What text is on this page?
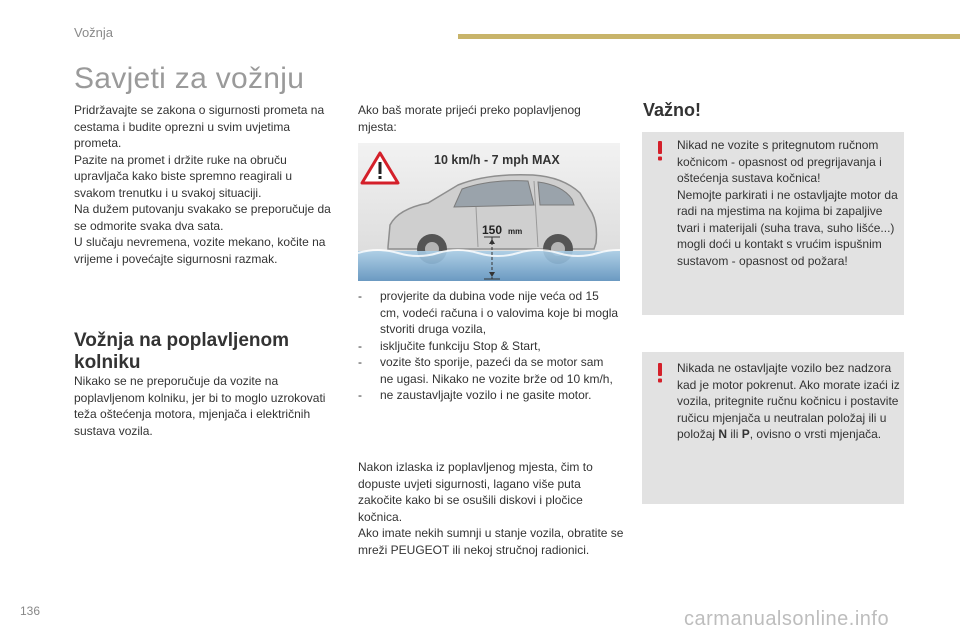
Vožnja
Savjeti za vožnju

Pridržavajte se zakona o sigurnosti prometa na cestama i budite oprezni u svim uvjetima prometa.

Pazite na promet i držite ruke na obruču upravljača kako biste spremno reagirali u svakom trenutku i u svakoj situaciji.

Na dužem putovanju svakako se preporučuje da se odmorite svaka dva sata.

U slučaju nevremena, vozite mekano, kočite na vrijeme i povećajte sigurnosni razmak.

Vožnja na poplavljenom kolniku
Nikako se ne preporučuje da vozite na poplavljenom kolniku, jer bi to moglo uzrokovati teža oštećenja motora, mjenjača i električnih sustava vozila.
Ako baš morate prijeći preko poplavljenog mjesta:
10 km/h - 7 mph MAX
150 mm
- provjerite da dubina vode nije veća od 15 cm, vodeći računa i o valovima koje bi mogla stvoriti druga vozila,
- isključite funkciju Stop & Start,
- vozite što sporije, pazeći da se motor sam ne ugasi. Nikako ne vozite brže od 10 km/h,
- ne zaustavljajte vozilo i ne gasite motor.

Nakon izlaska iz poplavljenog mjesta, čim to dopuste uvjeti sigurnosti, lagano više puta zakočite kako bi se osušili diskovi i pločice kočnica.

Ako imate nekih sumnji u stanje vozila, obratite se mreži PEUGEOT ili nekoj stručnoj radionici.

Važno!

Nikad ne vozite s pritegnutom ručnom kočnicom - opasnost od pregrijavanja i oštećenja sustava kočnica!

Nemojte parkirati i ne ostavljajte motor da radi na mjestima na kojima bi zapaljive tvari i materijali (suha trava, suho lišće...) mogli doći u kontakt s vrućim ispušnim sustavom - opasnost od požara!

Nikada ne ostavljajte vozilo bez nadzora kad je motor pokrenut. Ako morate izaći iz vozila, pritegnite ručnu kočnicu i postavite ručicu mjenjača u neutralan položaj ili u položaj N ili P, ovisno o vrsti mjenjača.
136	carmanualsonline.info
